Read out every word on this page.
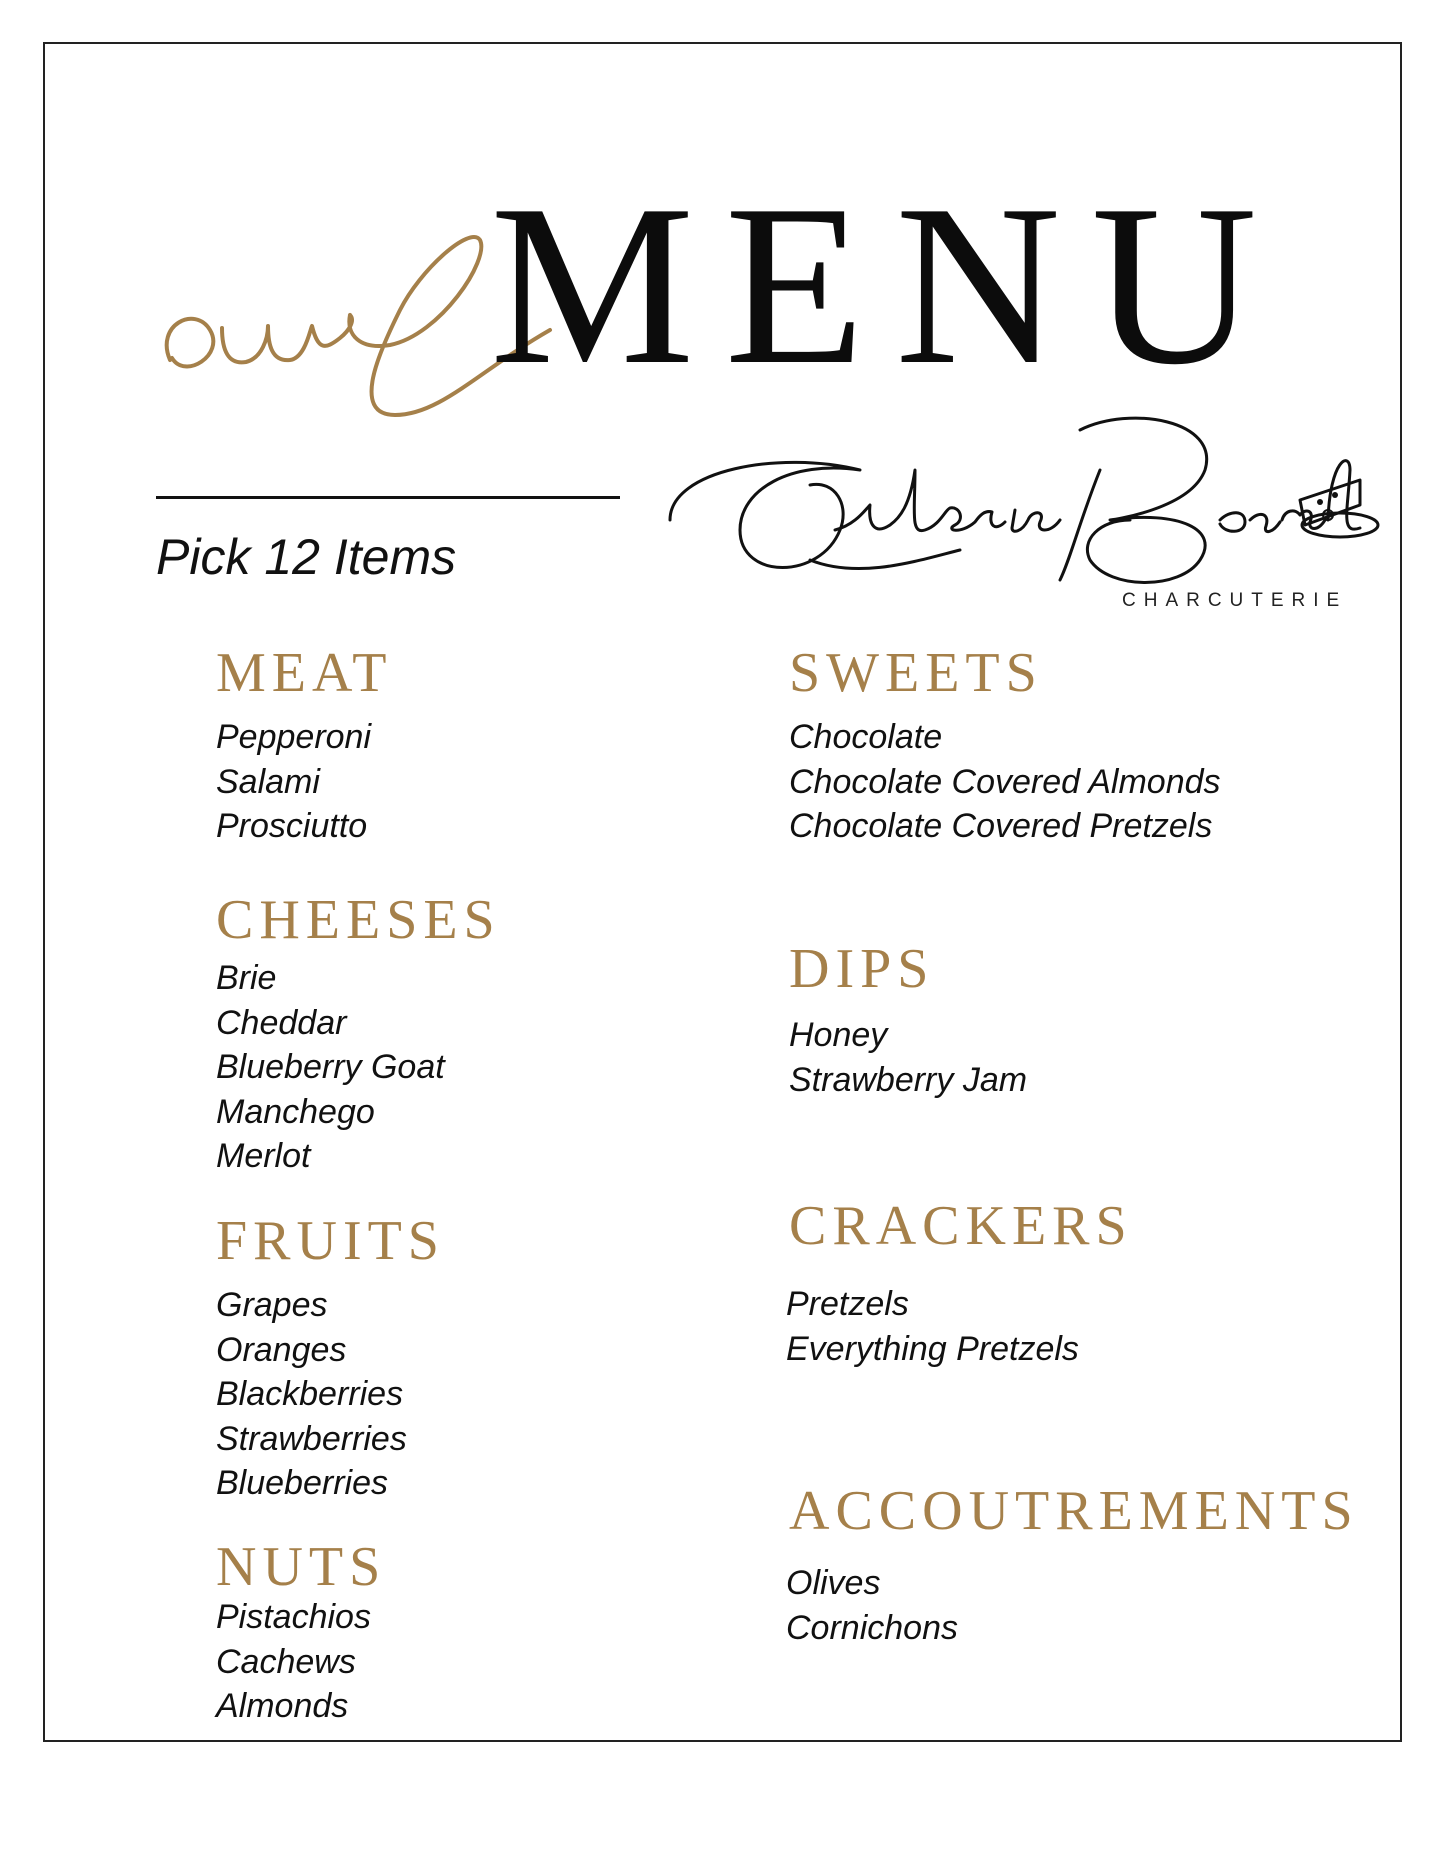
MENU
Pick 12 Items
CHARCUTERIE
MEAT
Pepperoni
Salami
Prosciutto
CHEESES
Brie
Cheddar
Blueberry Goat
Manchego
Merlot
FRUITS
Grapes
Oranges
Blackberries
Strawberries
Blueberries
NUTS
Pistachios
Cachews
Almonds
SWEETS
Chocolate
Chocolate Covered Almonds
Chocolate Covered Pretzels
DIPS
Honey
Strawberry Jam
CRACKERS
Pretzels
Everything Pretzels
ACCOUTREMENTS
Olives
Cornichons
